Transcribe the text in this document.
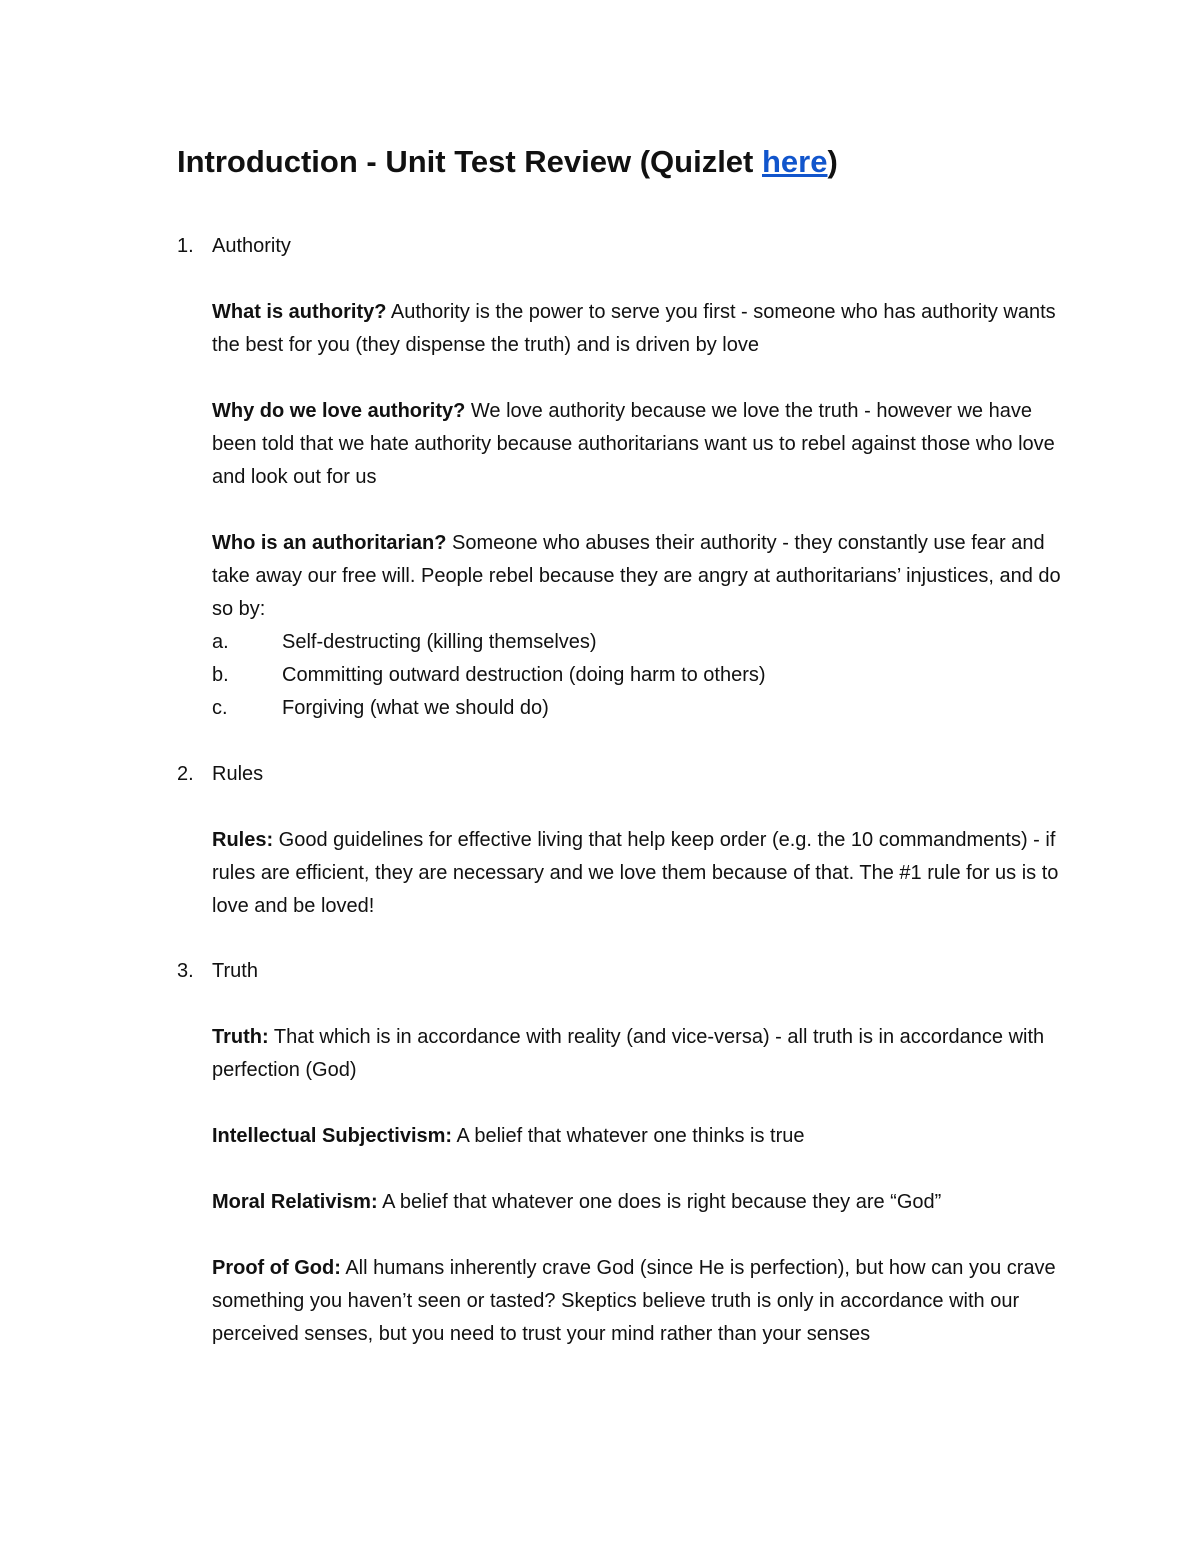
Introduction - Unit Test Review (Quizlet here)
1. Authority
What is authority? Authority is the power to serve you first - someone who has authority wants the best for you (they dispense the truth) and is driven by love
Why do we love authority? We love authority because we love the truth - however we have been told that we hate authority because authoritarians want us to rebel against those who love and look out for us
Who is an authoritarian? Someone who abuses their authority - they constantly use fear and take away our free will. People rebel because they are angry at authoritarians’ injustices, and do so by:
a.	Self-destructing (killing themselves)
b.	Committing outward destruction (doing harm to others)
c.	Forgiving (what we should do)
2. Rules
Rules: Good guidelines for effective living that help keep order (e.g. the 10 commandments) - if rules are efficient, they are necessary and we love them because of that. The #1 rule for us is to love and be loved!
3. Truth
Truth: That which is in accordance with reality (and vice-versa) - all truth is in accordance with perfection (God)
Intellectual Subjectivism: A belief that whatever one thinks is true
Moral Relativism: A belief that whatever one does is right because they are “God”
Proof of God: All humans inherently crave God (since He is perfection), but how can you crave something you haven’t seen or tasted? Skeptics believe truth is only in accordance with our perceived senses, but you need to trust your mind rather than your senses
